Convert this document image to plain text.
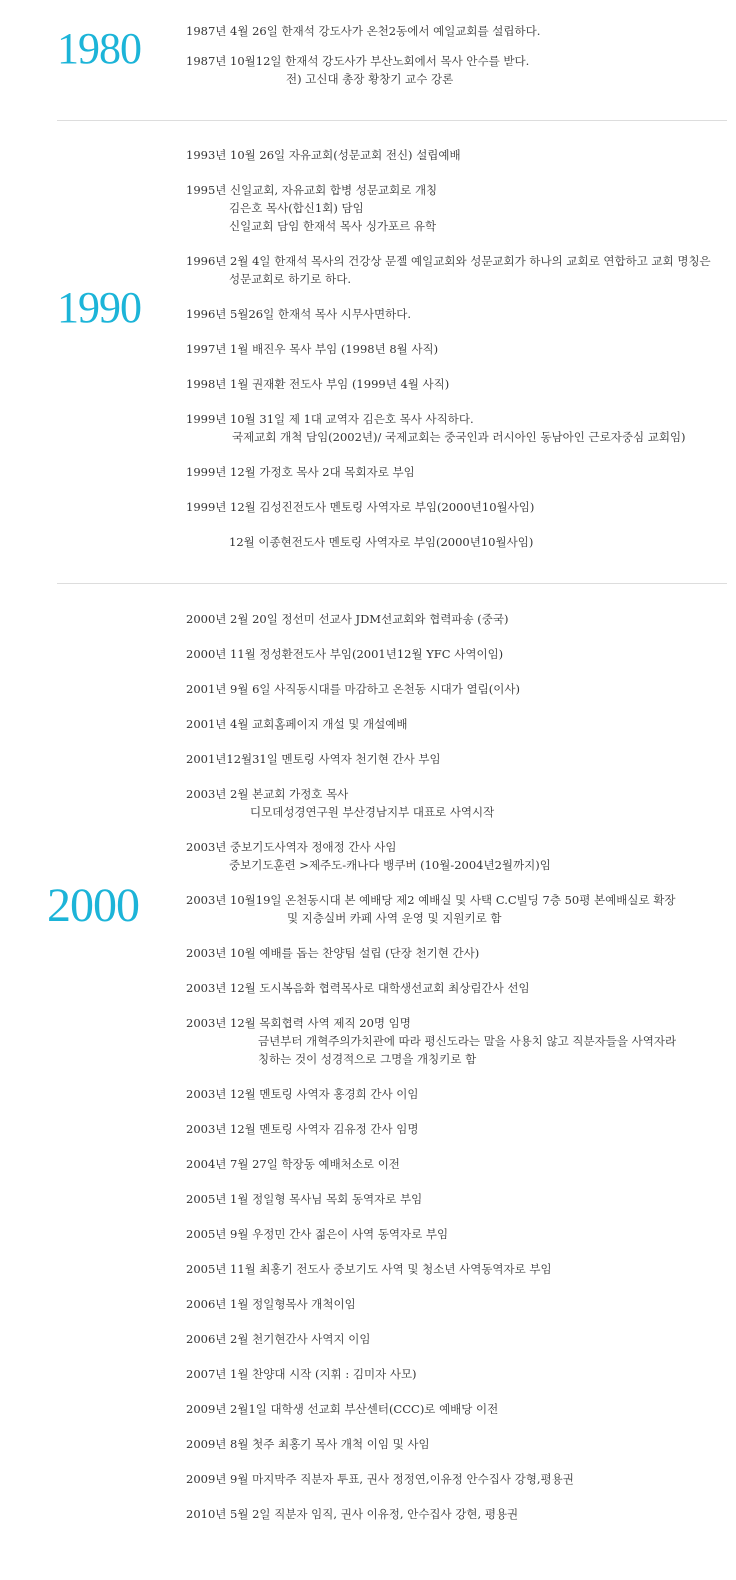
1980	1987년 4월 26일 한재석 강도사가 온천2동에서 예일교회를 설립하다.
1987년 10월12일 한재석 강도사가 부산노회에서 목사 안수를 받다.
전) 고신대 총장 황창기 교수 강론
1990
1993년 10월 26일 자유교회(성문교회 전신) 설립예배
1995년 신일교회, 자유교회 합병 성문교회로 개칭
김은호 목사(합신1회) 담임
신일교회 담임 한재석 목사 싱가포르 유학
1996년 2월 4일 한재석 목사의 건강상 문젤 예일교회와 성문교회가 하나의 교회로 연합하고 교회 명칭은
성문교회로 하기로 하다.
1996년 5월26일 한재석 목사 시무사면하다.
1997년 1월 배진우 목사 부임 (1998년 8월 사직)
1998년 1월 권재환 전도사 부임 (1999년 4월 사직)
1999년 10월 31일 제 1대 교역자 김은호 목사 사직하다.
국제교회 개척 담임(2002년)/ 국제교회는 중국인과 러시아인 동남아인 근로자중심 교회임)
1999년 12월 가정호 목사 2대 목회자로 부임
1999년 12월 김성진전도사 멘토링 사역자로 부임(2000년10월사임)
12월 이종현전도사 멘토링 사역자로 부임(2000년10월사임)
2000
2000년 2월 20일 정선미 선교사 JDM선교회와 협력파송 (중국)
2000년 11월 정성환전도사 부임(2001년12월 YFC 사역이임)
2001년 9월 6일 사직동시대를 마감하고 온천동 시대가 열림(이사)
2001년 4월 교회홈페이지 개설 및 개설예배
2001년12월31일 멘토링 사역자 천기현 간사 부임
2003년 2월 본교회 가정호 목사
디모데성경연구원 부산경남지부 대표로 사역시작
2003년 중보기도사역자 정애정 간사 사임
중보기도훈련 >제주도-캐나다 뱅쿠버 (10월-2004년2월까지)임
2003년 10월19일 온천동시대 본 예배당 제2 예배실 및 사택 C.C빌딩 7층 50평 본예배실로 확장
및 지층실버 카페 사역 운영 및 지원키로 함
2003년 10월 예배를 돕는 찬양팀 설립 (단장 천기현 간사)
2003년 12월 도시복음화 협력목사로 대학생선교회 최상림간사 선임
2003년 12월 목회협력 사역 제직 20명 임명
금년부터 개혁주의가치관에 따라 평신도라는 말을 사용치 않고 직분자들을 사역자라
칭하는 것이 성경적으로 그명을 개칭키로 함
2003년 12월 멘토링 사역자 홍경희 간사 이임
2003년 12월 멘토링 사역자 김유정 간사 임명
2004년 7월 27일 학장동 예배처소로 이전
2005년 1월 정일형 목사님 목회 동역자로 부임
2005년 9월 우정민 간사 젊은이 사역 동역자로 부임
2005년 11월 최홍기 전도사 중보기도 사역 및 청소년 사역동역자로 부임
2006년 1월 정일형목사 개척이임
2006년 2월 천기현간사 사역지 이임
2007년 1월 찬양대 시작 (지휘 : 김미자 사모)
2009년 2월1일 대학생 선교회 부산센터(CCC)로 예배당 이전
2009년 8월 첫주 최홍기 목사 개척 이임 및 사임
2009년 9월 마지막주 직분자 투표, 권사 정정연,이유정 안수집사 강형,평용권
2010년 5월 2일 직분자 임직, 권사 이유정, 안수집사 강현, 평용권
